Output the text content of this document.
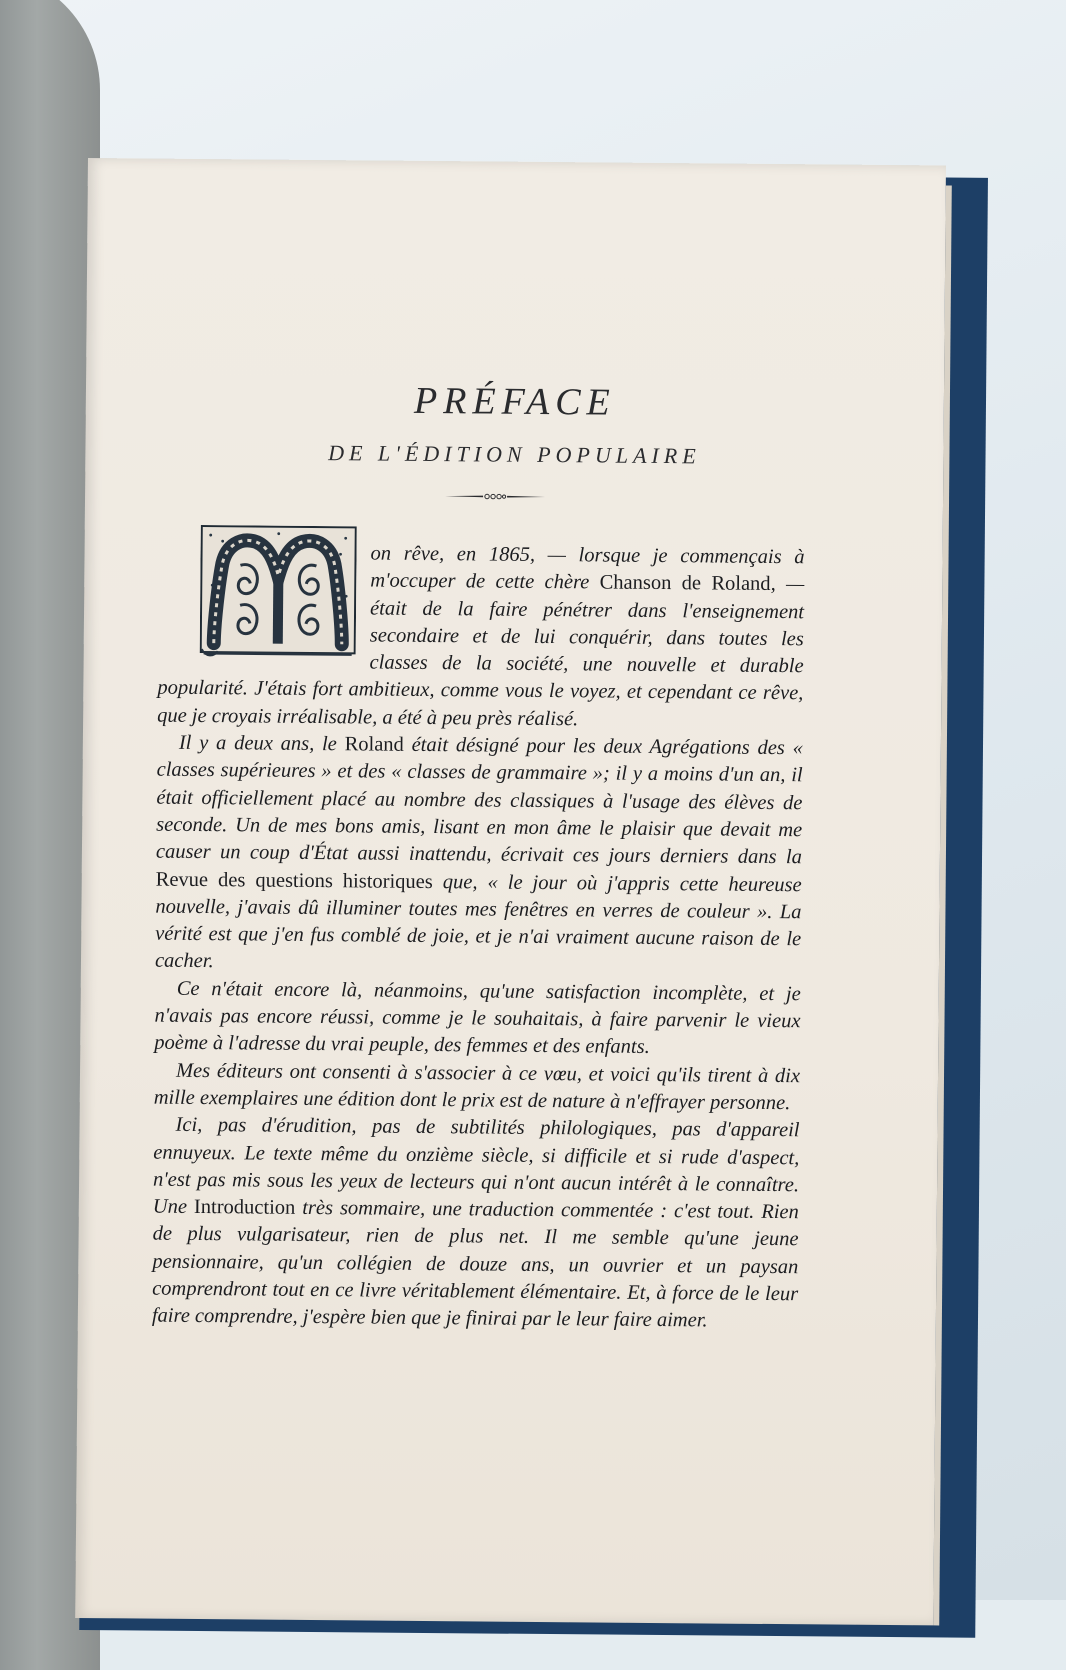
PRÉFACE
DE L'ÉDITION POPULAIRE

on rêve, en 1865, — lorsque je commençais à m'occuper de cette chère Chanson de Roland, — était de la faire pénétrer dans l'enseignement secondaire et de lui conquérir, dans toutes les classes de la société, une nouvelle et durable popularité. J'étais fort ambitieux, comme vous le voyez, et cependant ce rêve, que je croyais irréalisable, a été à peu près réalisé.

Il y a deux ans, le Roland était désigné pour les deux Agrégations des « classes supérieures » et des « classes de grammaire »; il y a moins d'un an, il était officiellement placé au nombre des classiques à l'usage des élèves de seconde. Un de mes bons amis, lisant en mon âme le plaisir que devait me causer un coup d'État aussi inattendu, écrivait ces jours derniers dans la Revue des questions historiques que, « le jour où j'appris cette heureuse nouvelle, j'avais dû illuminer toutes mes fenêtres en verres de couleur ». La vérité est que j'en fus comblé de joie, et je n'ai vraiment aucune raison de le cacher.

Ce n'était encore là, néanmoins, qu'une satisfaction incomplète, et je n'avais pas encore réussi, comme je le souhaitais, à faire parvenir le vieux poème à l'adresse du vrai peuple, des femmes et des enfants.

Mes éditeurs ont consenti à s'associer à ce vœu, et voici qu'ils tirent à dix mille exemplaires une édition dont le prix est de nature à n'effrayer personne.

Ici, pas d'érudition, pas de subtilités philologiques, pas d'appareil ennuyeux. Le texte même du onzième siècle, si difficile et si rude d'aspect, n'est pas mis sous les yeux de lecteurs qui n'ont aucun intérêt à le connaître. Une Introduction très sommaire, une traduction commentée : c'est tout. Rien de plus vulgarisateur, rien de plus net. Il me semble qu'une jeune pensionnaire, qu'un collégien de douze ans, un ouvrier et un paysan comprendront tout en ce livre véritablement élémentaire. Et, à force de le leur faire comprendre, j'espère bien que je finirai par le leur faire aimer.
